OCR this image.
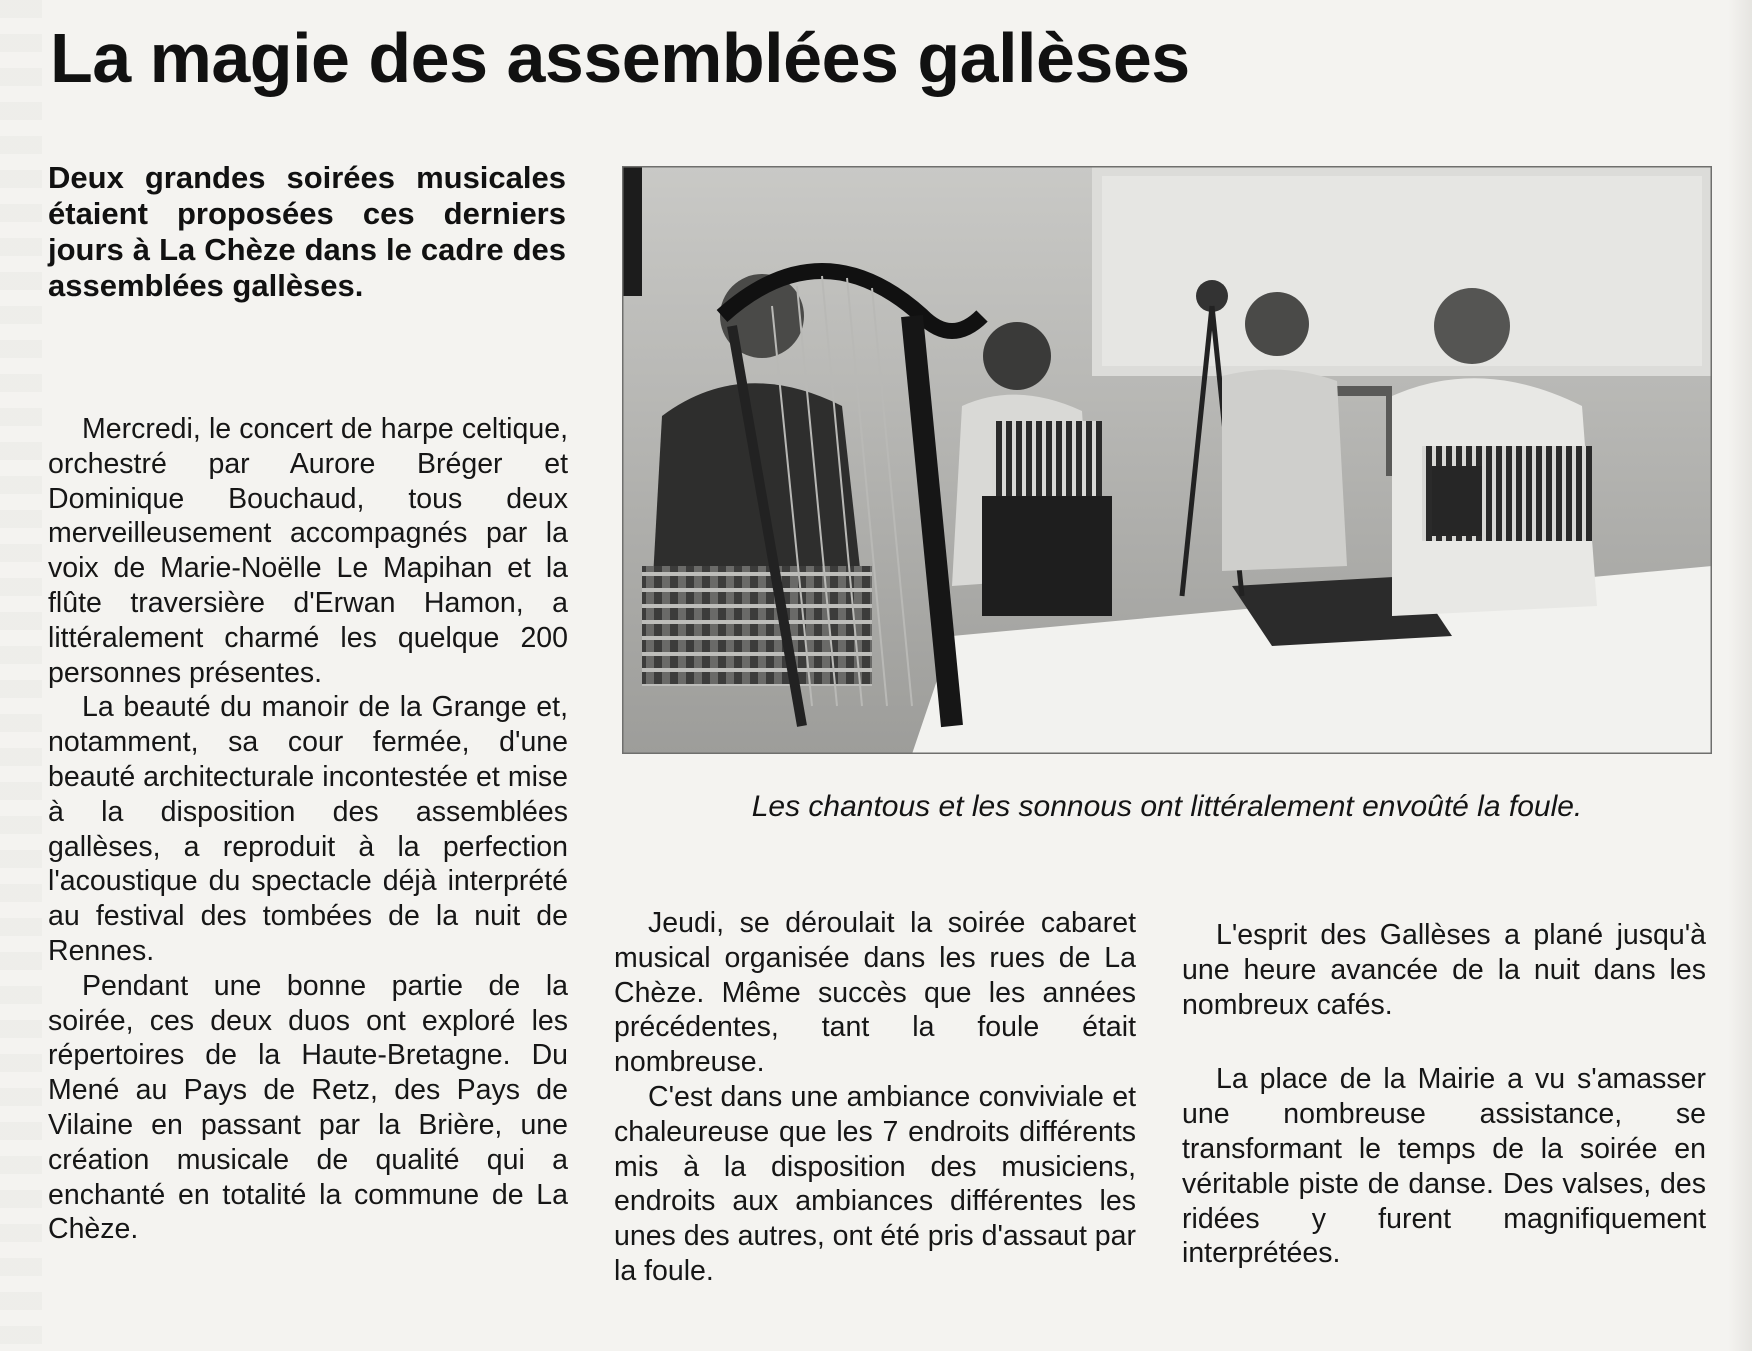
La magie des assemblées gallèses

Deux grandes soirées musicales étaient proposées ces derniers jours à La Chèze dans le cadre des assemblées gallèses.

Mercredi, le concert de harpe celtique, orchestré par Aurore Bréger et Dominique Bouchaud, tous deux merveilleusement accompagnés par la voix de Marie-Noëlle Le Mapihan et la flûte traversière d'Erwan Hamon, a littéralement charmé les quelque 200 personnes présentes.

La beauté du manoir de la Grange et, notamment, sa cour fermée, d'une beauté architecturale incontestée et mise à la disposition des assemblées gallèses, a reproduit à la perfection l'acoustique du spectacle déjà interprété au festival des tombées de la nuit de Rennes.

Pendant une bonne partie de la soirée, ces deux duos ont exploré les répertoires de la Haute-Bretagne. Du Mené au Pays de Retz, des Pays de Vilaine en passant par la Brière, une création musicale de qualité qui a enchanté en totalité la commune de La Chèze.

Les chantous et les sonnous ont littéralement envoûté la foule.

Jeudi, se déroulait la soirée cabaret musical organisée dans les rues de La Chèze. Même succès que les années précédentes, tant la foule était nombreuse.

C'est dans une ambiance conviviale et chaleureuse que les 7 endroits différents mis à la disposition des musiciens, endroits aux ambiances différentes les unes des autres, ont été pris d'assaut par la foule.

L'esprit des Gallèses a plané jusqu'à une heure avancée de la nuit dans les nombreux cafés.

La place de la Mairie a vu s'amasser une nombreuse assistance, se transformant le temps de la soirée en véritable piste de danse. Des valses, des ridées y furent magnifiquement interprétées.
